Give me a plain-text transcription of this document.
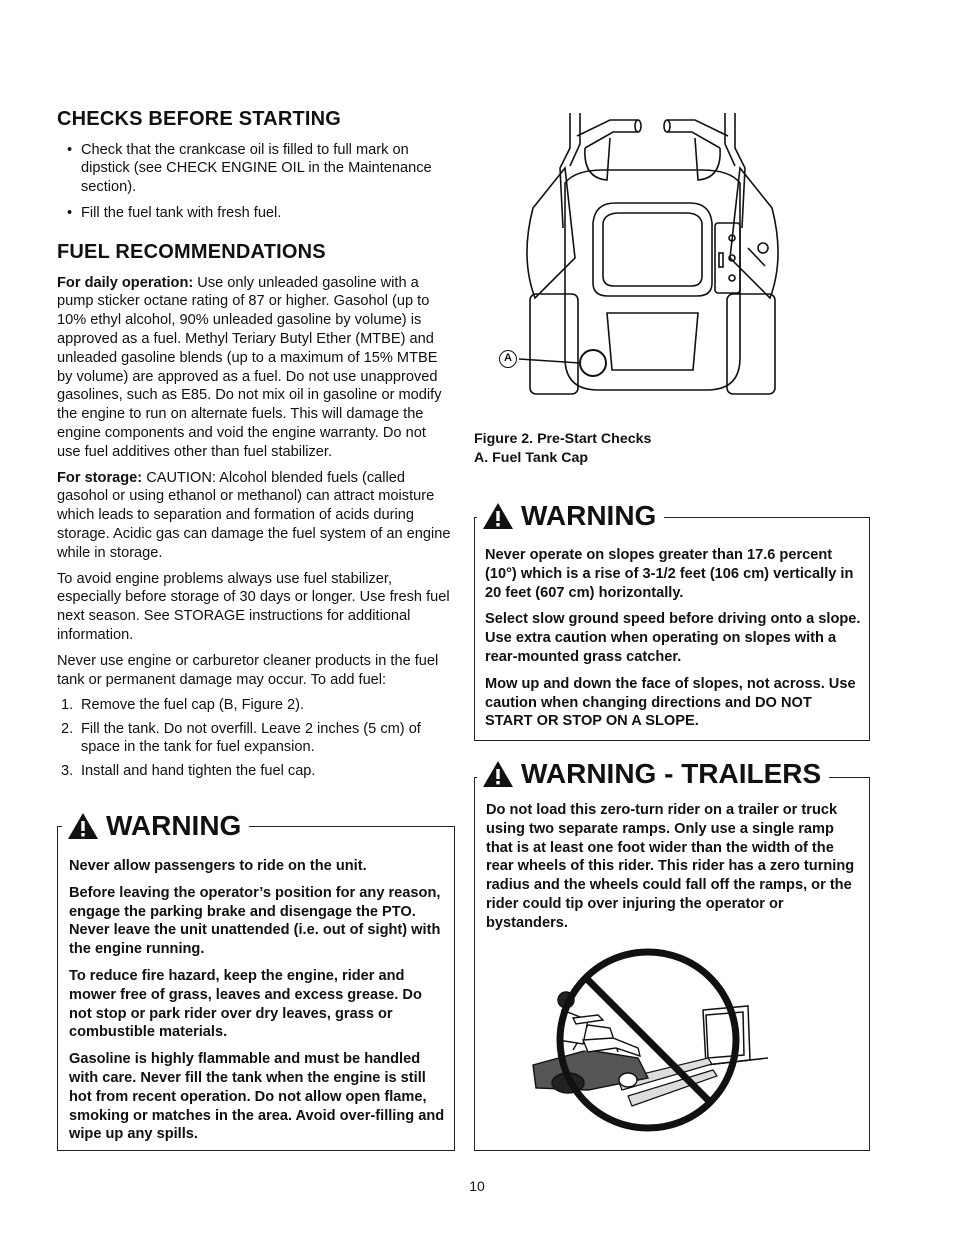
CHECKS BEFORE STARTING
• Check that the crankcase oil is filled to full mark on dipstick (see CHECK ENGINE OIL in the Maintenance section).
• Fill the fuel tank with fresh fuel.
FUEL RECOMMENDATIONS

For daily operation: Use only unleaded gasoline with a pump sticker octane rating of 87 or higher. Gasohol (up to 10% ethyl alcohol, 90% unleaded gasoline by volume) is approved as a fuel. Methyl Teriary Butyl Ether (MTBE) and unleaded gasoline blends (up to a maximum of 15% MTBE by volume) are approved as a fuel. Do not use unapproved gasolines, such as E85. Do not mix oil in gasoline or modify the engine to run on alternate fuels. This will damage the engine components and void the engine warranty. Do not use fuel additives other than fuel stabilizer.

For storage: CAUTION: Alcohol blended fuels (called gasohol or using ethanol or methanol) can attract moisture which leads to separation and formation of acids during storage. Acidic gas can damage the fuel system of an engine while in storage.

To avoid engine problems always use fuel stabilizer, especially before storage of 30 days or longer. Use fresh fuel next season. See STORAGE instructions for additional information.

Never use engine or carburetor cleaner products in the fuel tank or permanent damage may occur. To add fuel:

1. Remove the fuel cap (B, Figure 2).
2. Fill the tank. Do not overfill. Leave 2 inches (5 cm) of space in the tank for fuel expansion.
3. Install and hand tighten the fuel cap.
WARNING

Never allow passengers to ride on the unit.

Before leaving the operator’s position for any reason, engage the parking brake and disengage the PTO. Never leave the unit unattended (i.e. out of sight) with the engine running.

To reduce fire hazard, keep the engine, rider and mower free of grass, leaves and excess grease. Do not stop or park rider over dry leaves, grass or combustible materials.

Gasoline is highly flammable and must be handled with care. Never fill the tank when the engine is still hot from recent operation. Do not allow open flame, smoking or matches in the area. Avoid over-filling and wipe up any spills.

A
Figure 2. Pre-Start Checks
A. Fuel Tank Cap
WARNING

Never operate on slopes greater than 17.6 percent (10°) which is a rise of 3-1/2 feet (106 cm) vertically in 20 feet (607 cm) horizontally.

Select slow ground speed before driving onto a slope. Use extra caution when operating on slopes with a rear-mounted grass catcher.

Mow up and down the face of slopes, not across. Use caution when changing directions and DO NOT START OR STOP ON A SLOPE.

WARNING - TRAILERS

Do not load this zero-turn rider on a trailer or truck using two separate ramps. Only use a single ramp that is at least one foot wider than the width of the rear wheels of this rider. This rider has a zero turning radius and the wheels could fall off the ramps, or the rider could tip over injuring the operator or bystanders.

10
